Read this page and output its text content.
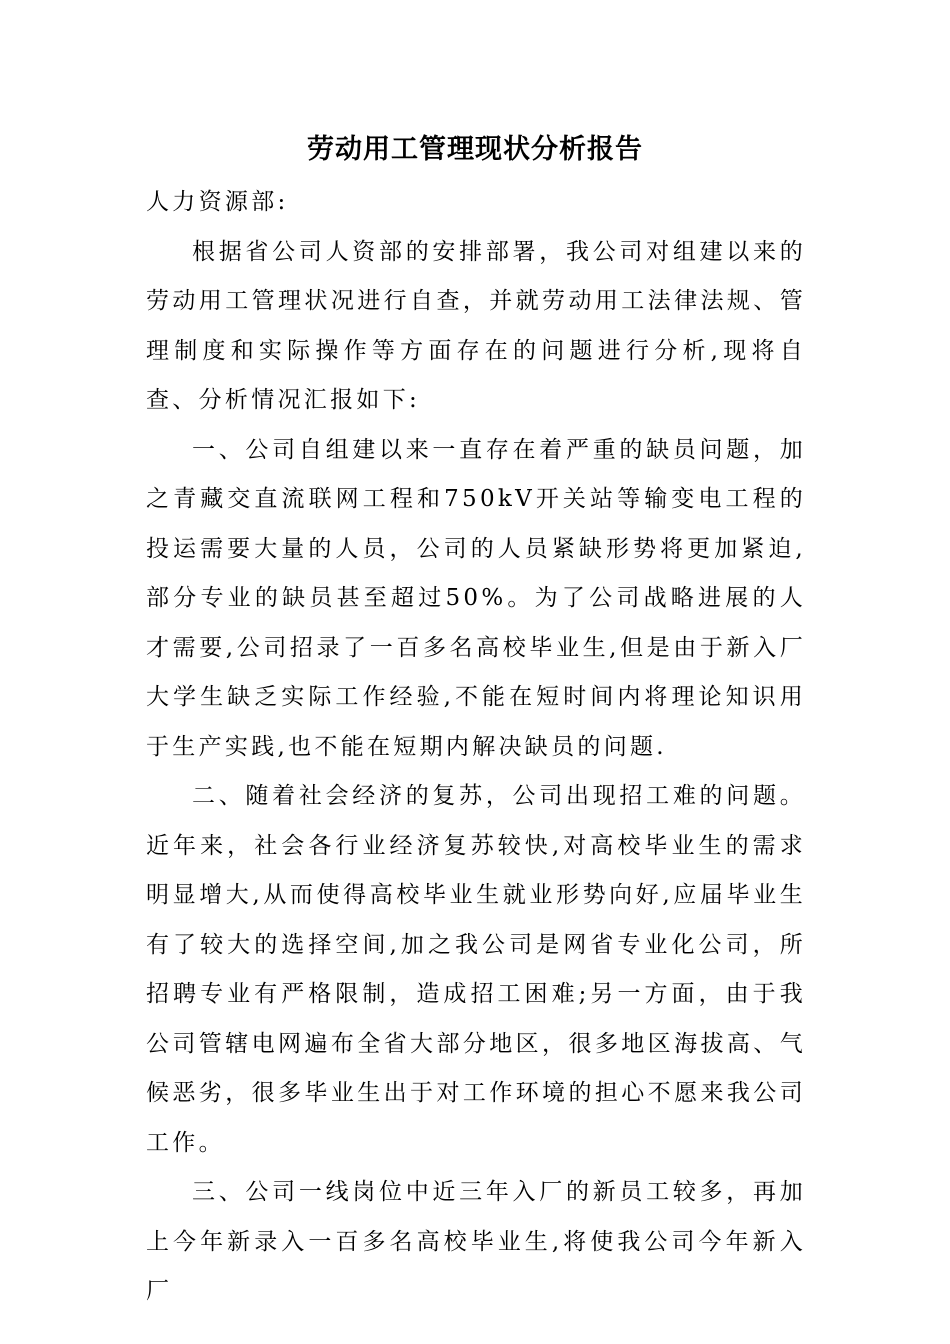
劳动用工管理现状分析报告

人力资源部:

根据省公司人资部的安排部署，我公司对组建以来的劳动用工管理状况进行自查，并就劳动用工法律法规、管理制度和实际操作等方面存在的问题进行分析,现将自查、分析情况汇报如下:

一、公司自组建以来一直存在着严重的缺员问题，加之青藏交直流联网工程和750kV开关站等输变电工程的投运需要大量的人员，公司的人员紧缺形势将更加紧迫,部分专业的缺员甚至超过50%。为了公司战略进展的人才需要,公司招录了一百多名高校毕业生,但是由于新入厂大学生缺乏实际工作经验,不能在短时间内将理论知识用于生产实践,也不能在短期内解决缺员的问题.

二、随着社会经济的复苏，公司出现招工难的问题。近年来，社会各行业经济复苏较快,对高校毕业生的需求明显增大,从而使得高校毕业生就业形势向好,应届毕业生有了较大的选择空间,加之我公司是网省专业化公司，所招聘专业有严格限制，造成招工困难;另一方面，由于我公司管辖电网遍布全省大部分地区，很多地区海拔高、气候恶劣，很多毕业生出于对工作环境的担心不愿来我公司工作。

三、公司一线岗位中近三年入厂的新员工较多，再加上今年新录入一百多名高校毕业生,将使我公司今年新入厂
